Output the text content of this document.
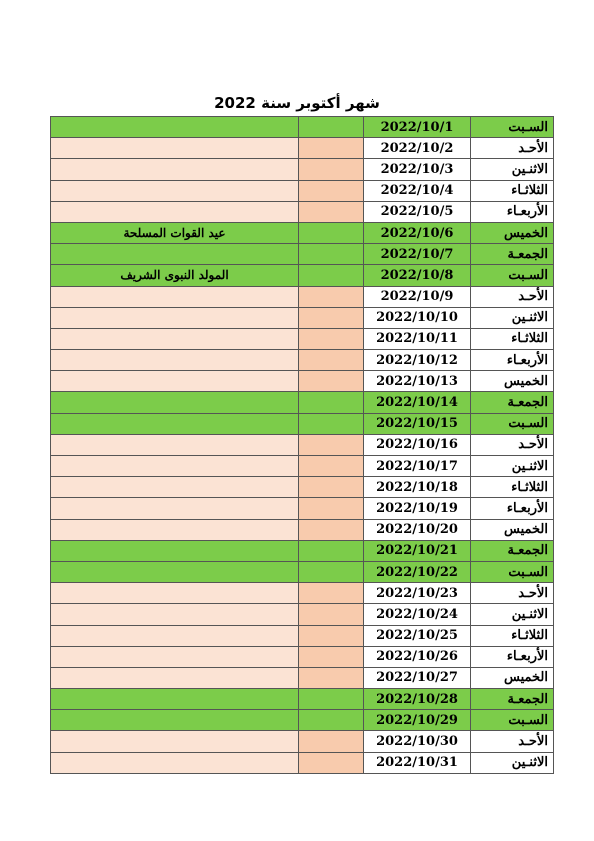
شهر أكتوبر سنة 2022
		2022/10/1	السـبت
		2022/10/2	الأحـد
		2022/10/3	الاثنـين
		2022/10/4	الثلاثـاء
		2022/10/5	الأربعـاء
عيد القوات المسلحة		2022/10/6	الخميس
		2022/10/7	الجمعـة
المولد النبوى الشريف		2022/10/8	السـبت
		2022/10/9	الأحـد
		2022/10/10	الاثنـين
		2022/10/11	الثلاثـاء
		2022/10/12	الأربعـاء
		2022/10/13	الخميس
		2022/10/14	الجمعـة
		2022/10/15	السـبت
		2022/10/16	الأحـد
		2022/10/17	الاثنـين
		2022/10/18	الثلاثـاء
		2022/10/19	الأربعـاء
		2022/10/20	الخميس
		2022/10/21	الجمعـة
		2022/10/22	السـبت
		2022/10/23	الأحـد
		2022/10/24	الاثنـين
		2022/10/25	الثلاثـاء
		2022/10/26	الأربعـاء
		2022/10/27	الخميس
		2022/10/28	الجمعـة
		2022/10/29	السـبت
		2022/10/30	الأحـد
		2022/10/31	الاثنـين
